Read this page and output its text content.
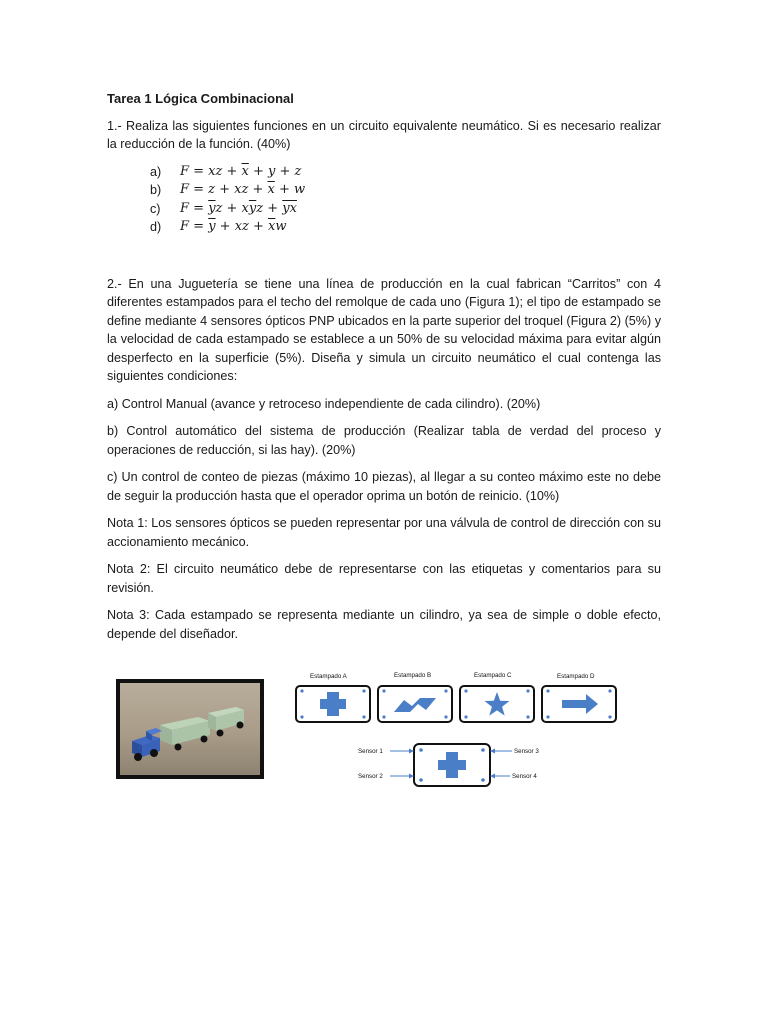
Tarea 1 Lógica Combinacional

1.- Realiza las siguientes funciones en un circuito equivalente neumático. Si es necesario realizar la reducción de la función. (40%)

a)	F = xz + $\overline{x} + y + z$
b)	F = z + xz + $\overline{x} + w$
c)	$F = \overline{y}z + x\overline{y}z + \overline{yx}$
d)	$F = \overline{y}$ + xz + $\overline{x}w$

2.- En una Juguetería se tiene una línea de producción en la cual fabrican “Carritos” con 4 diferentes estampados para el techo del remolque de cada uno (Figura 1); el tipo de estampado se define mediante 4 sensores ópticos PNP ubicados en la parte superior del troquel (Figura 2) (5%) y la velocidad de cada estampado se establece a un 50% de su velocidad máxima para evitar algún desperfecto en la superficie (5%). Diseña y simula un circuito neumático el cual contenga las siguientes condiciones:

a) Control Manual (avance y retroceso independiente de cada cilindro). (20%)

b) Control automático del sistema de producción (Realizar tabla de verdad del proceso y operaciones de reducción, si las hay). (20%)

c) Un control de conteo de piezas (máximo 10 piezas), al llegar a su conteo máximo este no debe de seguir la producción hasta que el operador oprima un botón de reinicio. (10%)

Nota 1: Los sensores ópticos se pueden representar por una válvula de control de dirección con su accionamiento mecánico.

Nota 2: El circuito neumático debe de representarse con las etiquetas y comentarios para su revisión.

Nota 3: Cada estampado se representa mediante un cilindro, ya sea de simple o doble efecto, depende del diseñador.

Estampado A	Estampado B	Estampado C	Estampado D
Sensor 1
Sensor 2
Sensor 3
Sensor 4
